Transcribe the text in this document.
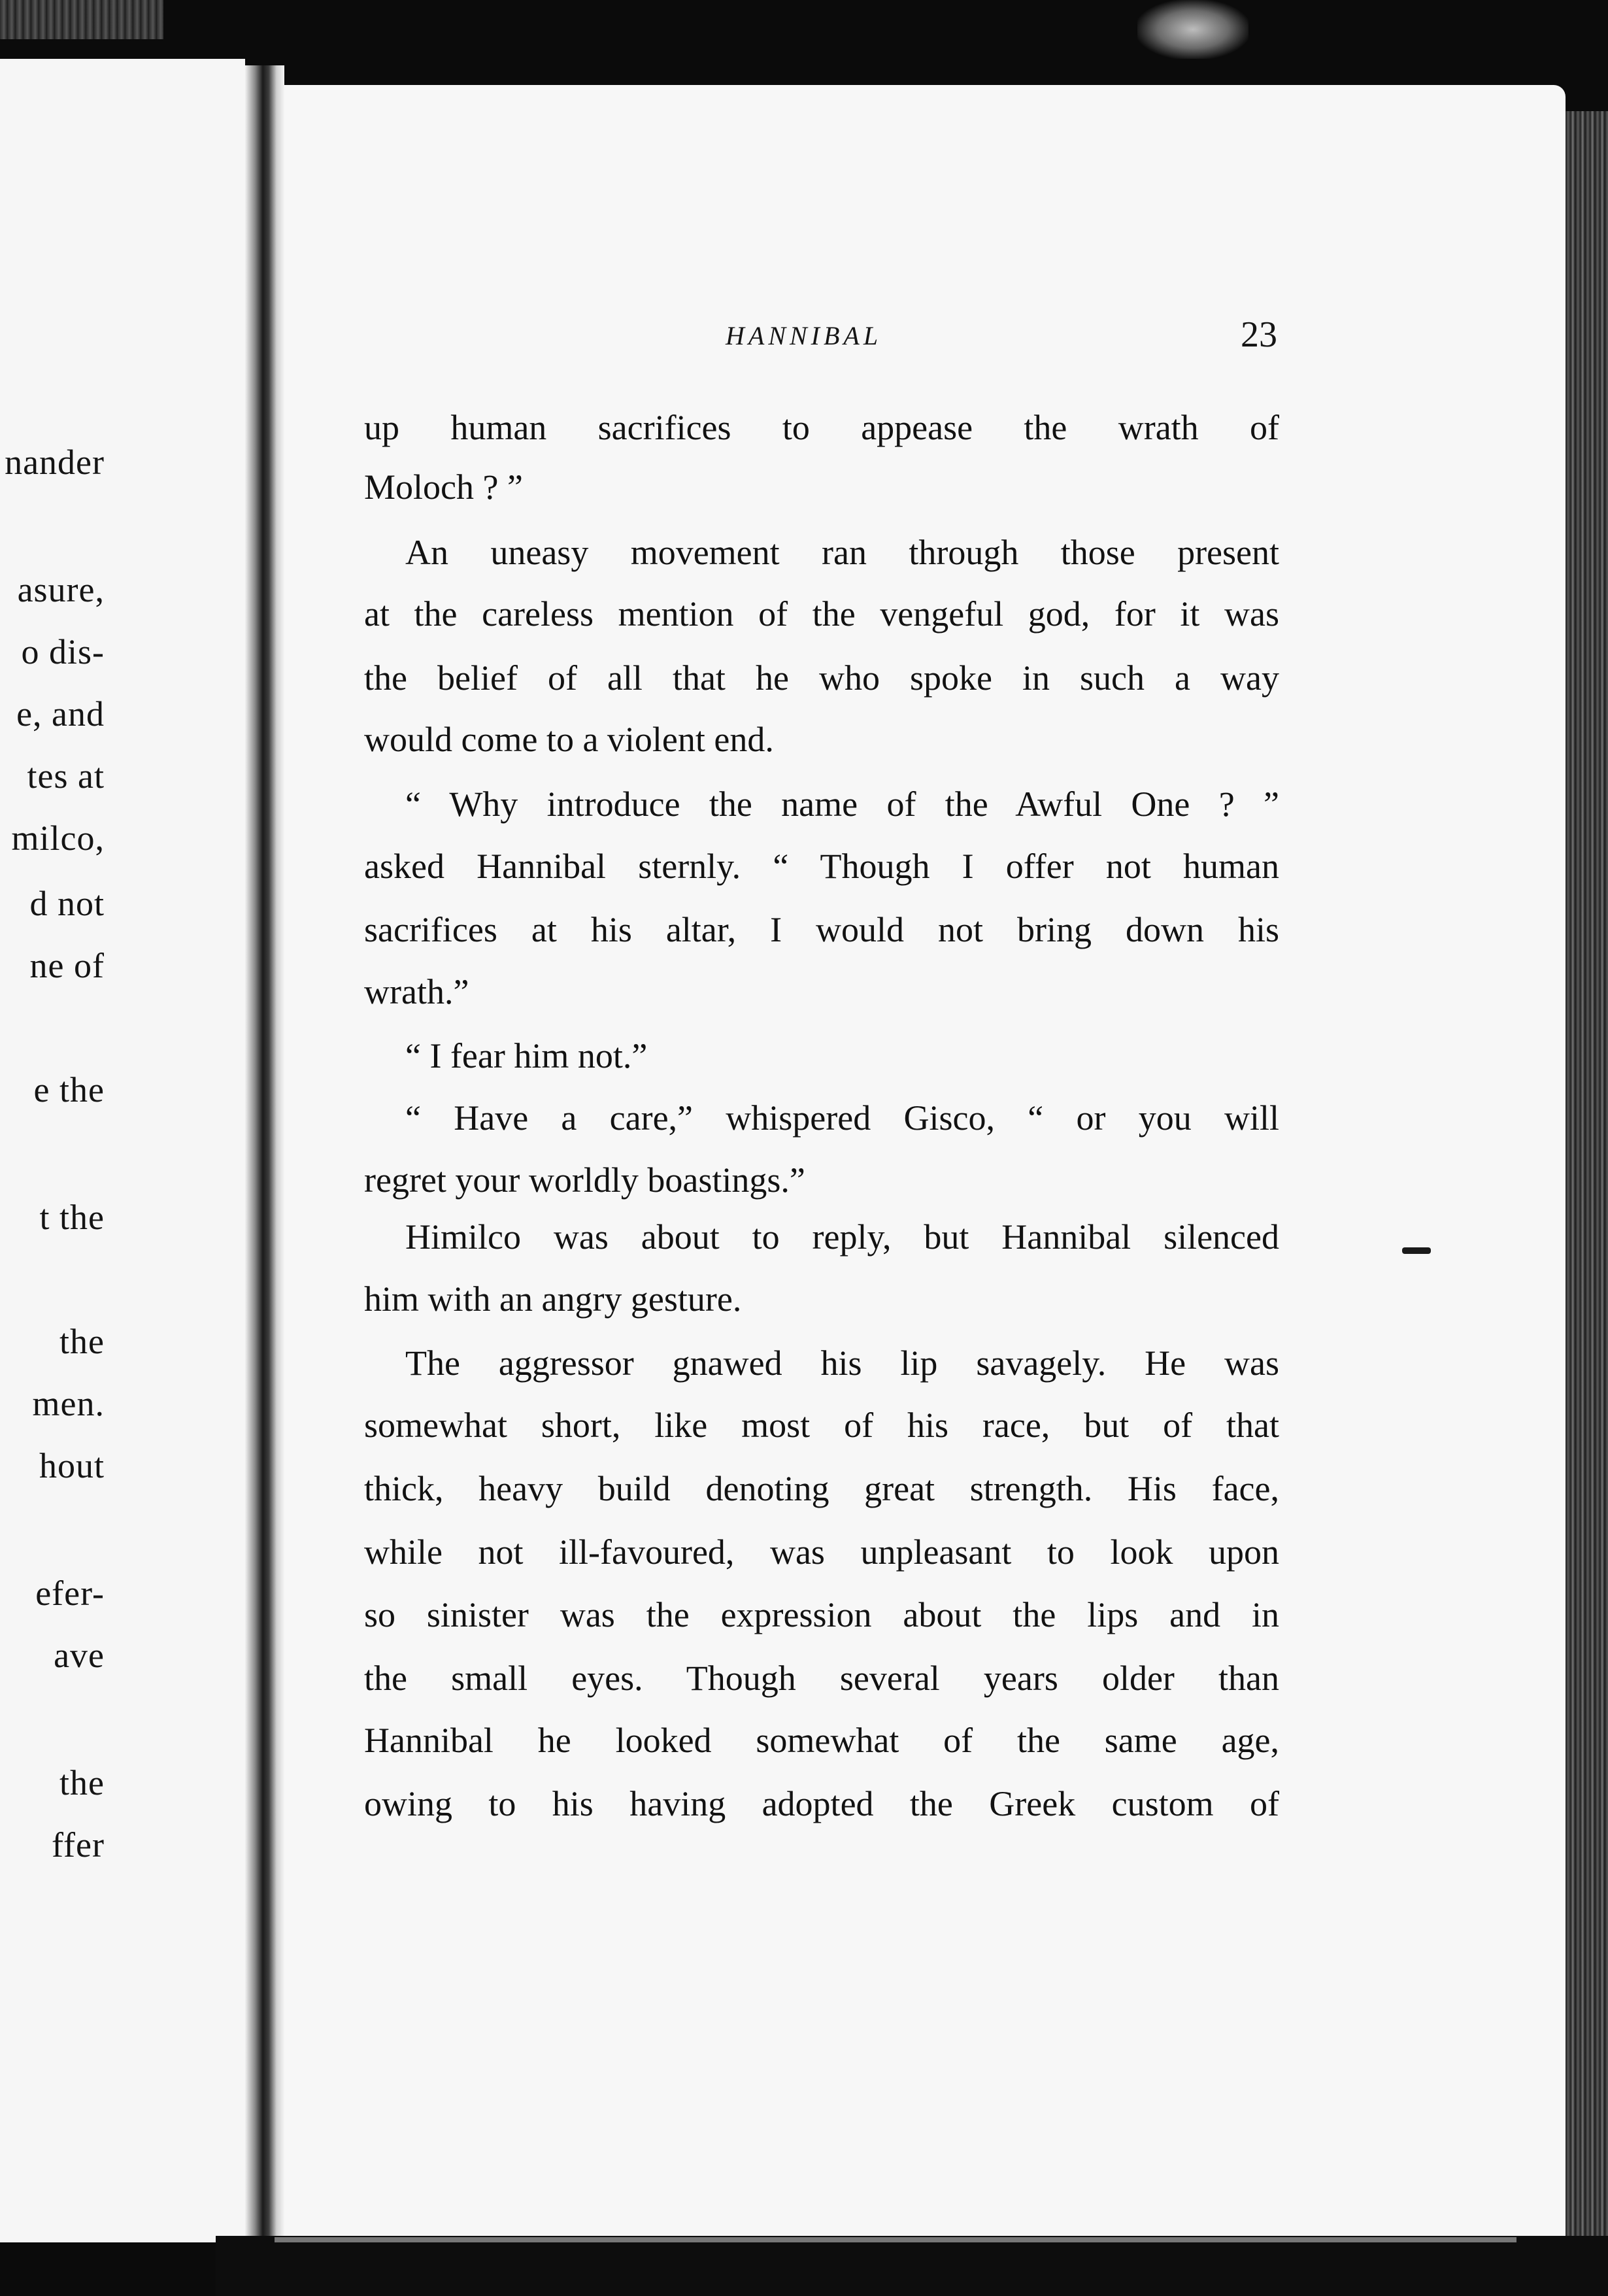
nander
asure,
o dis-
e, and
tes at
milco,
d not
ne of
e the
t the
the
men.
hout
efer-
ave
the
ffer
HANNIBAL	23
up human sacrifices to appease the wrath of
Moloch ? ”
An uneasy movement ran through those present
at the careless mention of the vengeful god, for it was
the belief of all that he who spoke in such a way
would come to a violent end.
“ Why introduce the name of the Awful One ? ”
asked Hannibal sternly. “ Though I offer not human
sacrifices at his altar, I would not bring down his
wrath.”
“ I fear him not.”
“ Have a care,” whispered Gisco, “ or you will
regret your worldly boastings.”
Himilco was about to reply, but Hannibal silenced
him with an angry gesture.
The aggressor gnawed his lip savagely. He was
somewhat short, like most of his race, but of that
thick, heavy build denoting great strength. His face,
while not ill-favoured, was unpleasant to look upon
so sinister was the expression about the lips and in
the small eyes. Though several years older than
Hannibal he looked somewhat of the same age,
owing to his having adopted the Greek custom of
